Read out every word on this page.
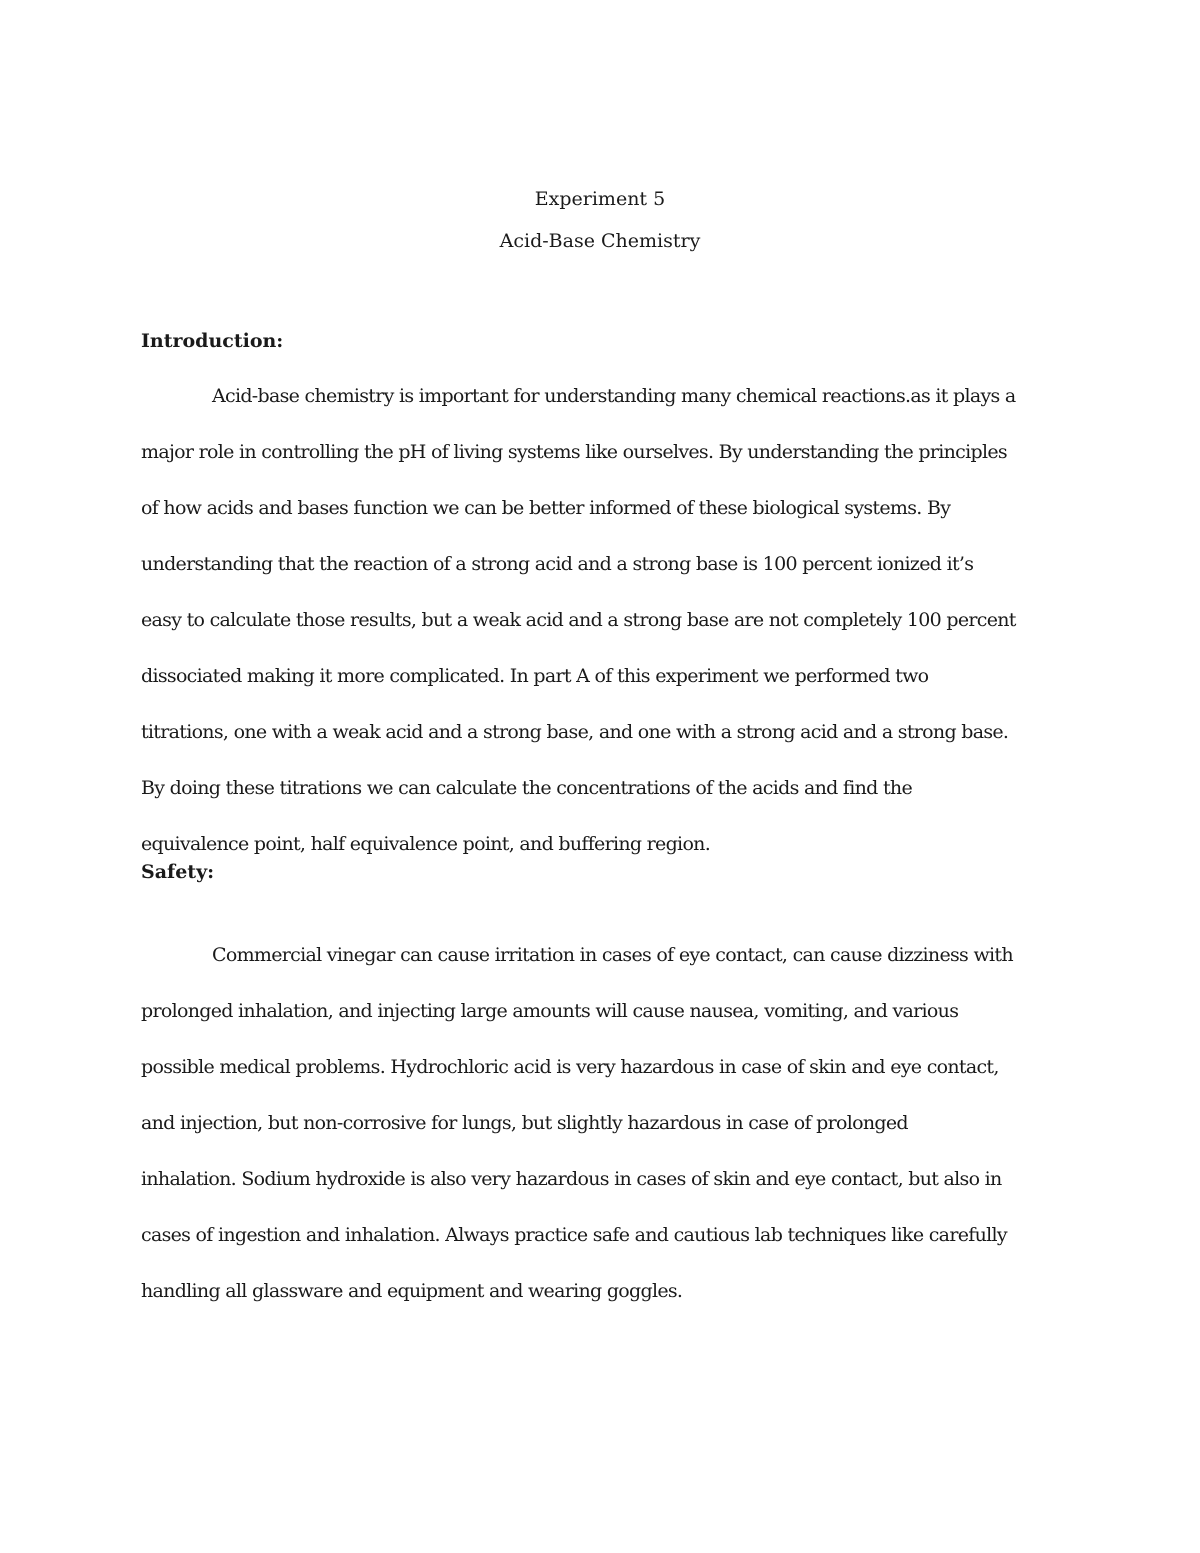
Experiment 5
Acid-Base Chemistry
Introduction:
Acid-base chemistry is important for understanding many chemical reactions.as it plays a
major role in controlling the pH of living systems like ourselves. By understanding the principles
of how acids and bases function we can be better informed of these biological systems. By
understanding that the reaction of a strong acid and a strong base is 100 percent ionized it’s
easy to calculate those results, but a weak acid and a strong base are not completely 100 percent
dissociated making it more complicated. In part A of this experiment we performed two
titrations, one with a weak acid and a strong base, and one with a strong acid and a strong base.
By doing these titrations we can calculate the concentrations of the acids and find the
equivalence point, half equivalence point, and buffering region.
Safety:
Commercial vinegar can cause irritation in cases of eye contact, can cause dizziness with
prolonged inhalation, and injecting large amounts will cause nausea, vomiting, and various
possible medical problems. Hydrochloric acid is very hazardous in case of skin and eye contact,
and injection, but non-corrosive for lungs, but slightly hazardous in case of prolonged
inhalation. Sodium hydroxide is also very hazardous in cases of skin and eye contact, but also in
cases of ingestion and inhalation. Always practice safe and cautious lab techniques like carefully
handling all glassware and equipment and wearing goggles.
